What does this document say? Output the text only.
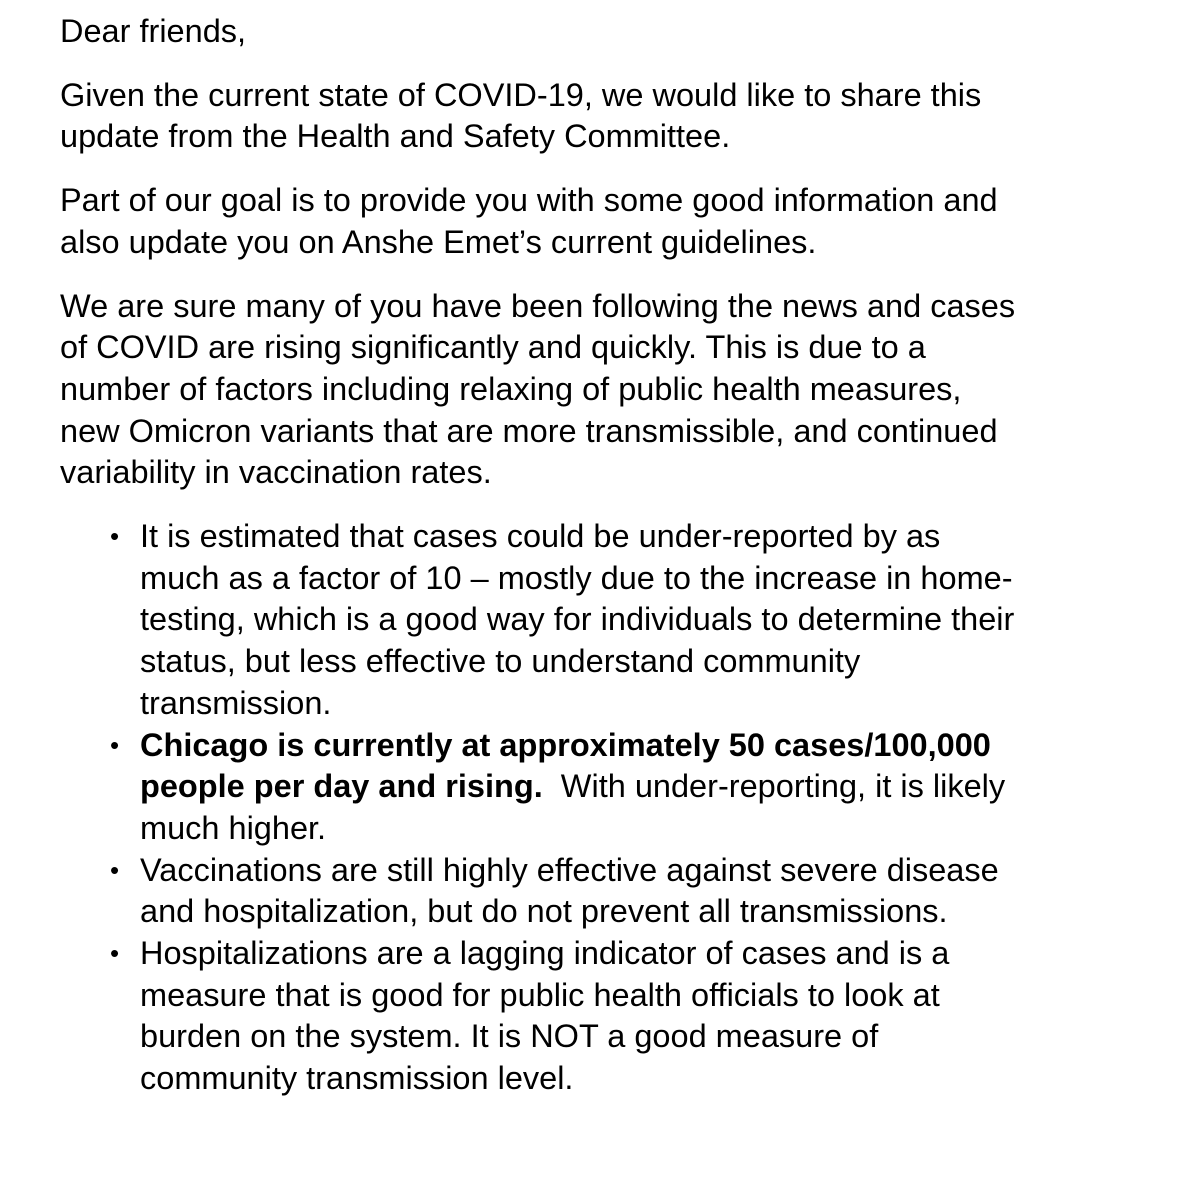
Dear friends,

Given the current state of COVID-19, we would like to share this
update from the Health and Safety Committee.

Part of our goal is to provide you with some good information and
also update you on Anshe Emet’s current guidelines.

We are sure many of you have been following the news and cases
of COVID are rising significantly and quickly. This is due to a
number of factors including relaxing of public health measures,
new Omicron variants that are more transmissible, and continued
variability in vaccination rates.

• It is estimated that cases could be under-reported by as
much as a factor of 10 – mostly due to the increase in home-
testing, which is a good way for individuals to determine their
status, but less effective to understand community
transmission.
• Chicago is currently at approximately 50 cases/100,000
people per day and rising.  With under-reporting, it is likely
much higher.
• Vaccinations are still highly effective against severe disease
and hospitalization, but do not prevent all transmissions.
• Hospitalizations are a lagging indicator of cases and is a
measure that is good for public health officials to look at
burden on the system. It is NOT a good measure of
community transmission level.
